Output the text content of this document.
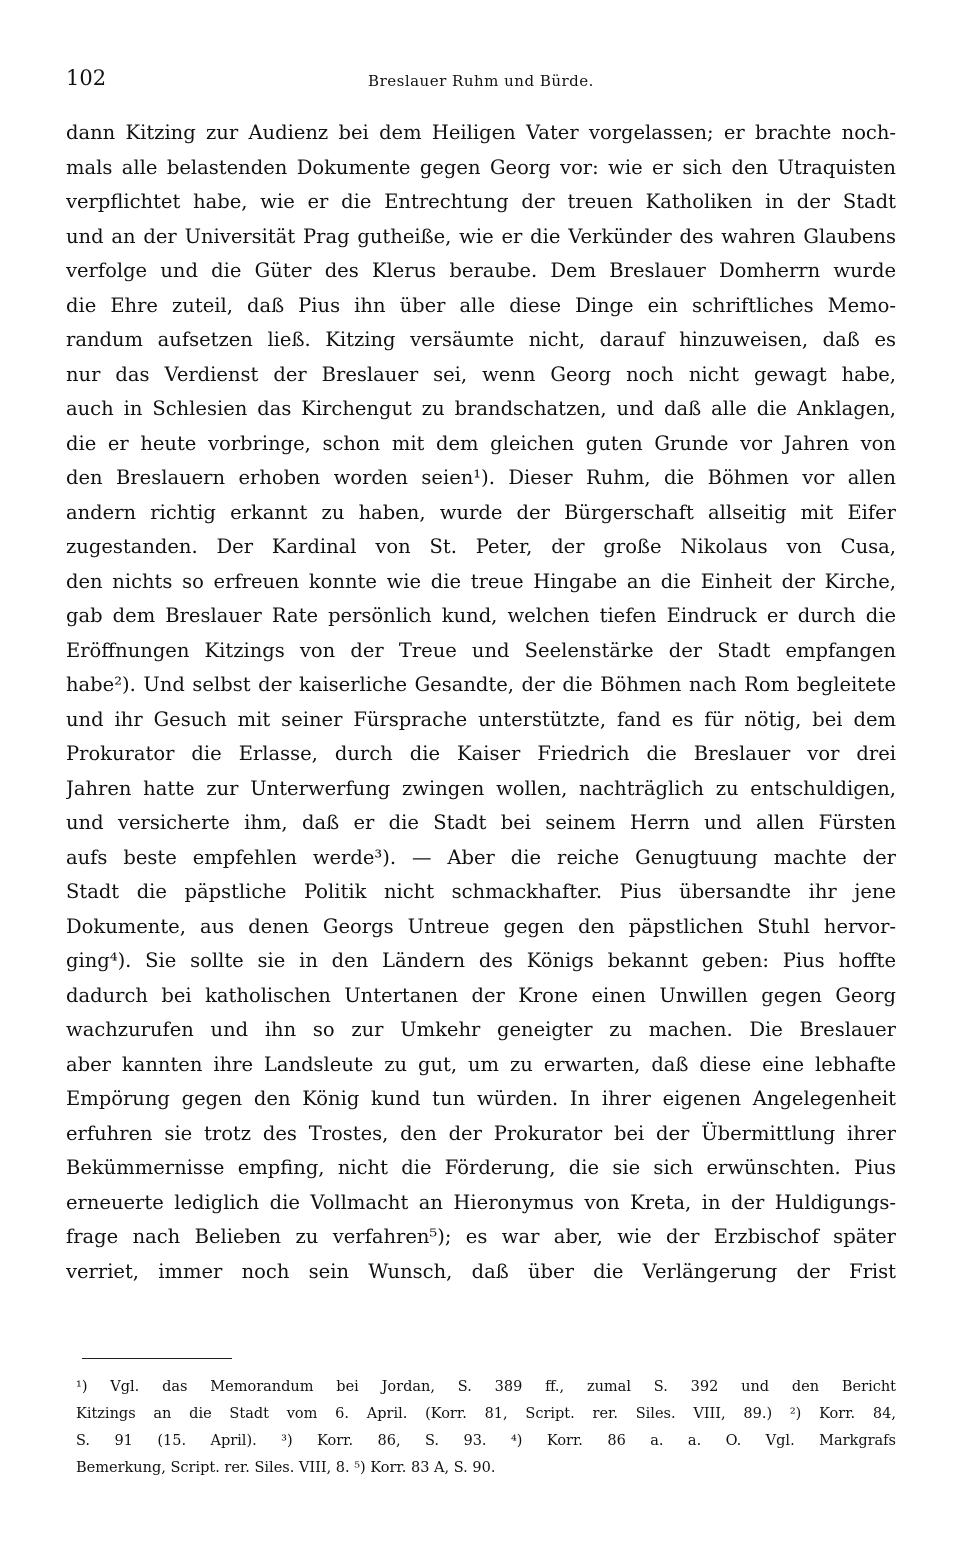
102	Breslauer Ruhm und Bürde.
dann Kitzing zur Audienz bei dem Heiligen Vater vorgelassen; er brachte noch-
mals alle belastenden Dokumente gegen Georg vor: wie er sich den Utraquisten
verpflichtet habe, wie er die Entrechtung der treuen Katholiken in der Stadt
und an der Universität Prag gutheiße, wie er die Verkünder des wahren Glaubens
verfolge und die Güter des Klerus beraube. Dem Breslauer Domherrn wurde
die Ehre zuteil, daß Pius ihn über alle diese Dinge ein schriftliches Memo-
randum aufsetzen ließ. Kitzing versäumte nicht, darauf hinzuweisen, daß es
nur das Verdienst der Breslauer sei, wenn Georg noch nicht gewagt habe,
auch in Schlesien das Kirchengut zu brandschatzen, und daß alle die Anklagen,
die er heute vorbringe, schon mit dem gleichen guten Grunde vor Jahren von
den Breslauern erhoben worden seien¹). Dieser Ruhm, die Böhmen vor allen
andern richtig erkannt zu haben, wurde der Bürgerschaft allseitig mit Eifer
zugestanden. Der Kardinal von St. Peter, der große Nikolaus von Cusa,
den nichts so erfreuen konnte wie die treue Hingabe an die Einheit der Kirche,
gab dem Breslauer Rate persönlich kund, welchen tiefen Eindruck er durch die
Eröffnungen Kitzings von der Treue und Seelenstärke der Stadt empfangen
habe²). Und selbst der kaiserliche Gesandte, der die Böhmen nach Rom begleitete
und ihr Gesuch mit seiner Fürsprache unterstützte, fand es für nötig, bei dem
Prokurator die Erlasse, durch die Kaiser Friedrich die Breslauer vor drei
Jahren hatte zur Unterwerfung zwingen wollen, nachträglich zu entschuldigen,
und versicherte ihm, daß er die Stadt bei seinem Herrn und allen Fürsten
aufs beste empfehlen werde³). — Aber die reiche Genugtuung machte der
Stadt die päpstliche Politik nicht schmackhafter. Pius übersandte ihr jene
Dokumente, aus denen Georgs Untreue gegen den päpstlichen Stuhl hervor-
ging⁴). Sie sollte sie in den Ländern des Königs bekannt geben: Pius hoffte
dadurch bei katholischen Untertanen der Krone einen Unwillen gegen Georg
wachzurufen und ihn so zur Umkehr geneigter zu machen. Die Breslauer
aber kannten ihre Landsleute zu gut, um zu erwarten, daß diese eine lebhafte
Empörung gegen den König kund tun würden. In ihrer eigenen Angelegenheit
erfuhren sie trotz des Trostes, den der Prokurator bei der Übermittlung ihrer
Bekümmernisse empfing, nicht die Förderung, die sie sich erwünschten. Pius
erneuerte lediglich die Vollmacht an Hieronymus von Kreta, in der Huldigungs-
frage nach Belieben zu verfahren⁵); es war aber, wie der Erzbischof später
verriet, immer noch sein Wunsch, daß über die Verlängerung der Frist
¹) Vgl. das Memorandum bei Jordan, S. 389 ff., zumal S. 392 und den Bericht
Kitzings an die Stadt vom 6. April. (Korr. 81, Script. rer. Siles. VIII, 89.) ²) Korr. 84,
S. 91 (15. April). ³) Korr. 86, S. 93. ⁴) Korr. 86 a. a. O. Vgl. Markgrafs
Bemerkung, Script. rer. Siles. VIII, 8. ⁵) Korr. 83 A, S. 90.
